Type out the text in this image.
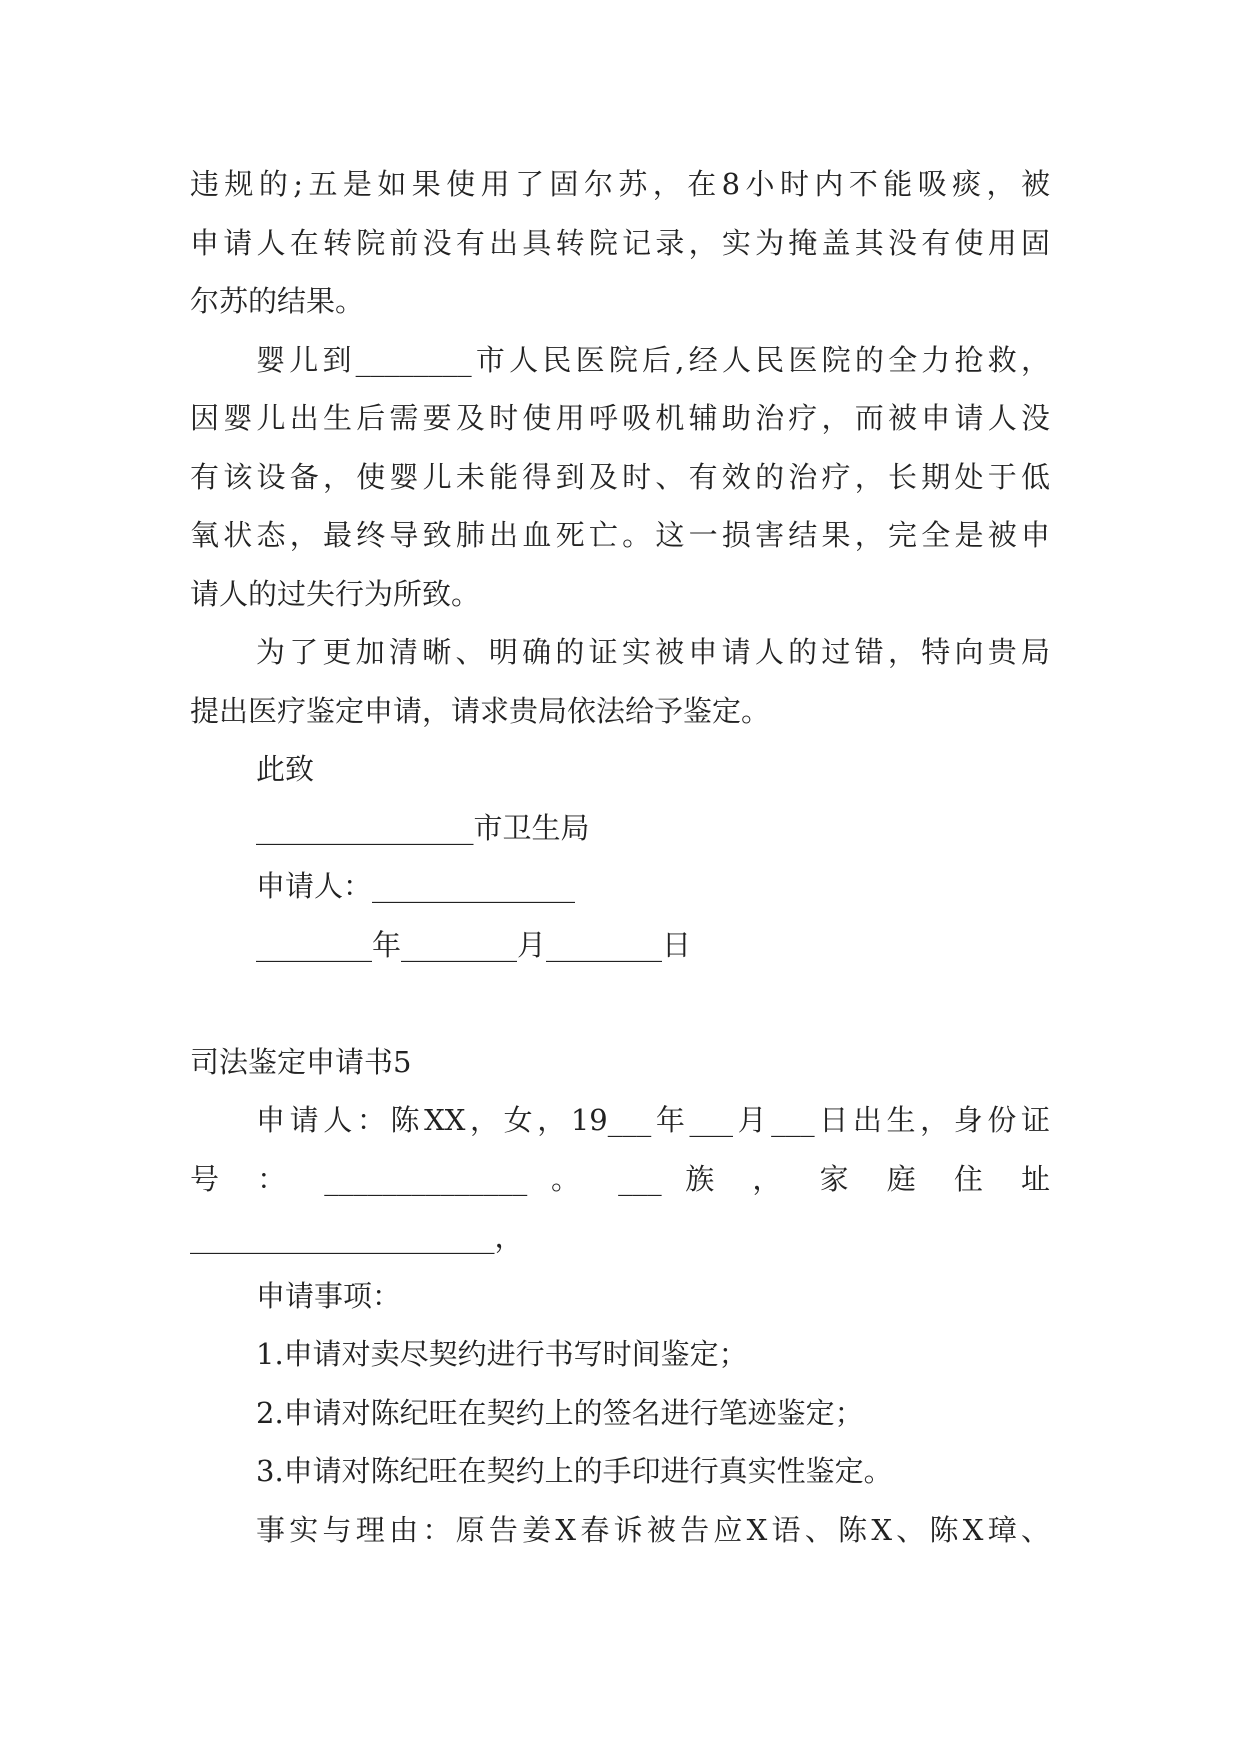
违规的;五是如果使用了固尔苏，在8小时内不能吸痰，被
申请人在转院前没有出具转院记录，实为掩盖其没有使用固
尔苏的结果。
婴儿到________市人民医院后,经人民医院的全力抢救，
因婴儿出生后需要及时使用呼吸机辅助治疗，而被申请人没
有该设备，使婴儿未能得到及时、有效的治疗，长期处于低
氧状态，最终导致肺出血死亡。这一损害结果，完全是被申
请人的过失行为所致。
为了更加清晰、明确的证实被申请人的过错，特向贵局
提出医疗鉴定申请，请求贵局依法给予鉴定。
此致
_______________市卫生局
申请人：______________
________年________月________日
司法鉴定申请书5
申请人：陈XX，女，19___年___月___日出生，身份证
号 ： ______________ 。 ___ 族 ， 家 庭 住 址
_____________________，
申请事项：
1.申请对卖尽契约进行书写时间鉴定；
2.申请对陈纪旺在契约上的签名进行笔迹鉴定；
3.申请对陈纪旺在契约上的手印进行真实性鉴定。
事实与理由：原告姜X春诉被告应X语、陈X、陈X璋、
